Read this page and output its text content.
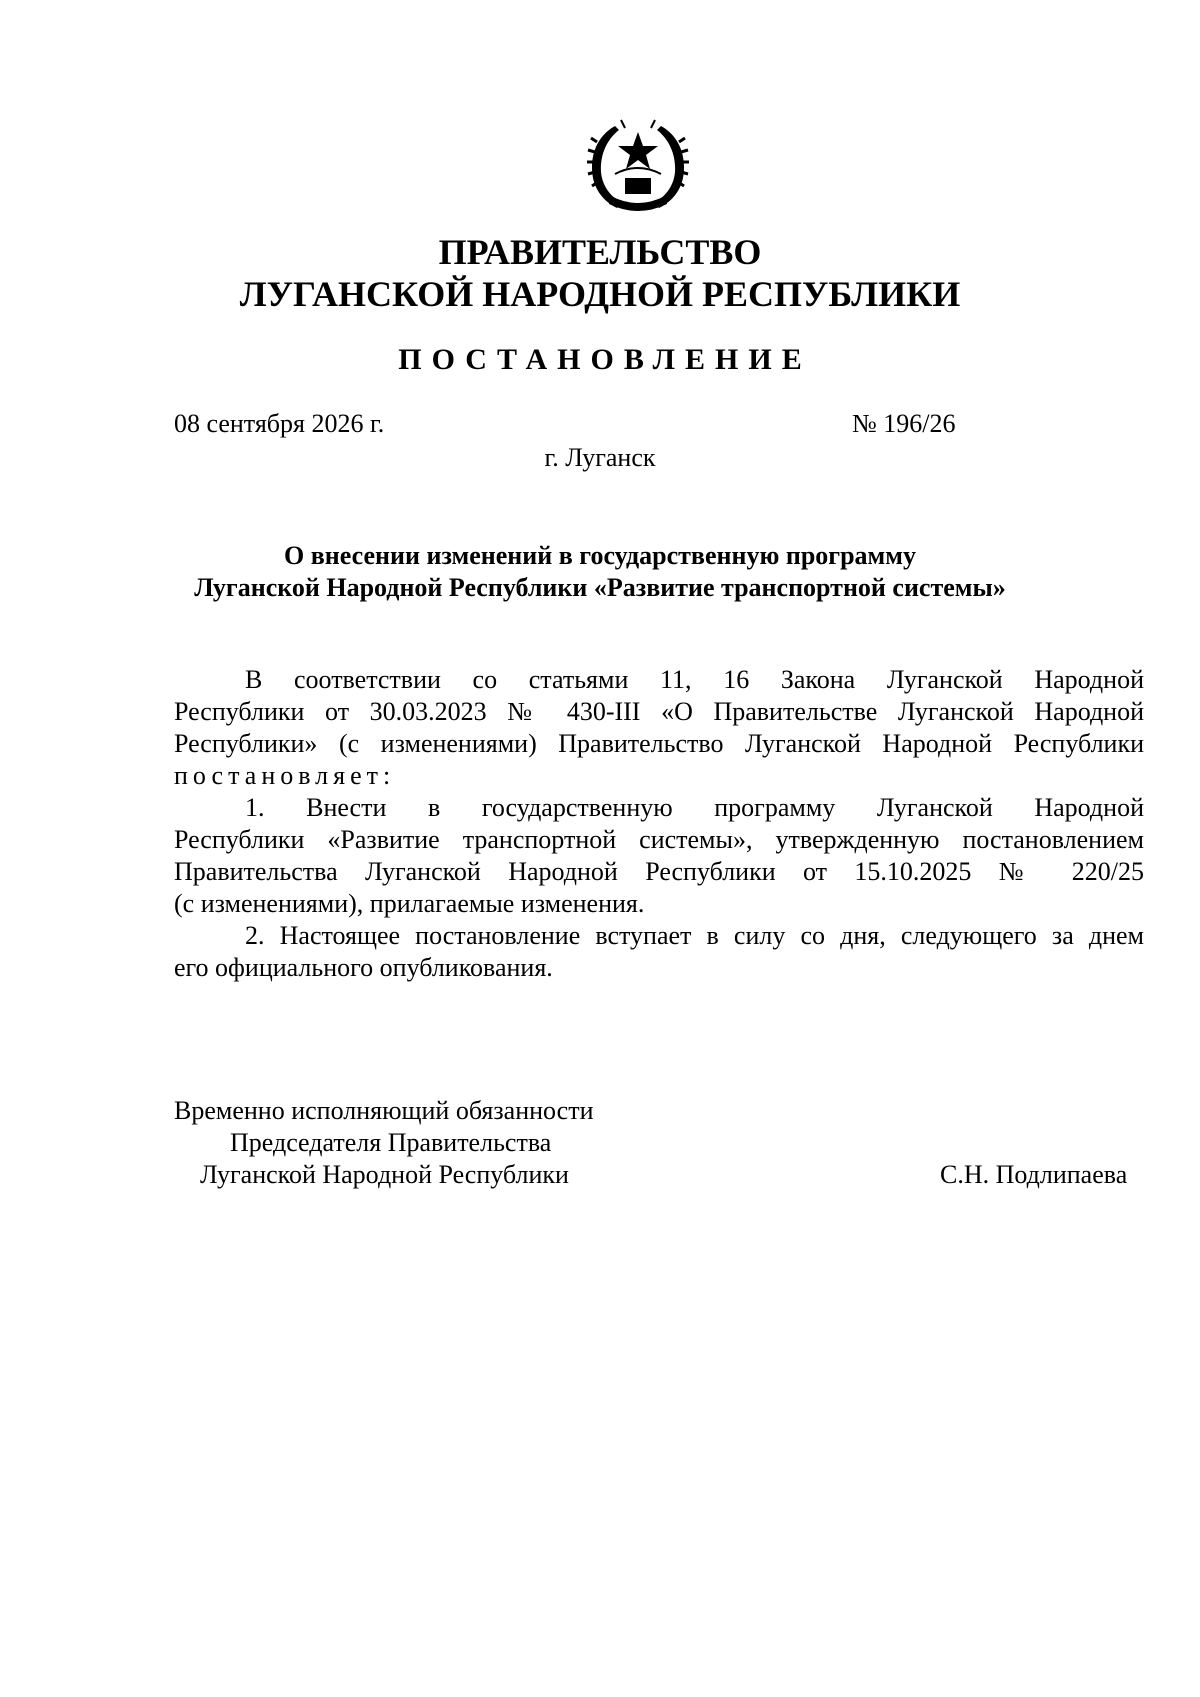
ПРАВИТЕЛЬСТВО
ЛУГАНСКОЙ НАРОДНОЙ РЕСПУБЛИКИ
ПОСТАНОВЛЕНИЕ
08 сентября 2026 г.	№ 196/26
г. Луганск
О внесении изменений в государственную программу
Луганской Народной Республики «Развитие транспортной системы»
В соответствии со статьями 11, 16 Закона Луганской Народной
Республики от 30.03.2023 № 430-III «О Правительстве Луганской Народной
Республики» (с изменениями) Правительство Луганской Народной Республики
постановляет:
1. Внести в государственную программу Луганской Народной
Республики «Развитие транспортной системы», утвержденную постановлением
Правительства Луганской Народной Республики от 15.10.2025 № 220/25
(с изменениями), прилагаемые изменения.
2. Настоящее постановление вступает в силу со дня, следующего за днем
его официального опубликования.
Временно исполняющий обязанности
Председателя Правительства
Луганской Народной Республики	С.Н. Подлипаева
